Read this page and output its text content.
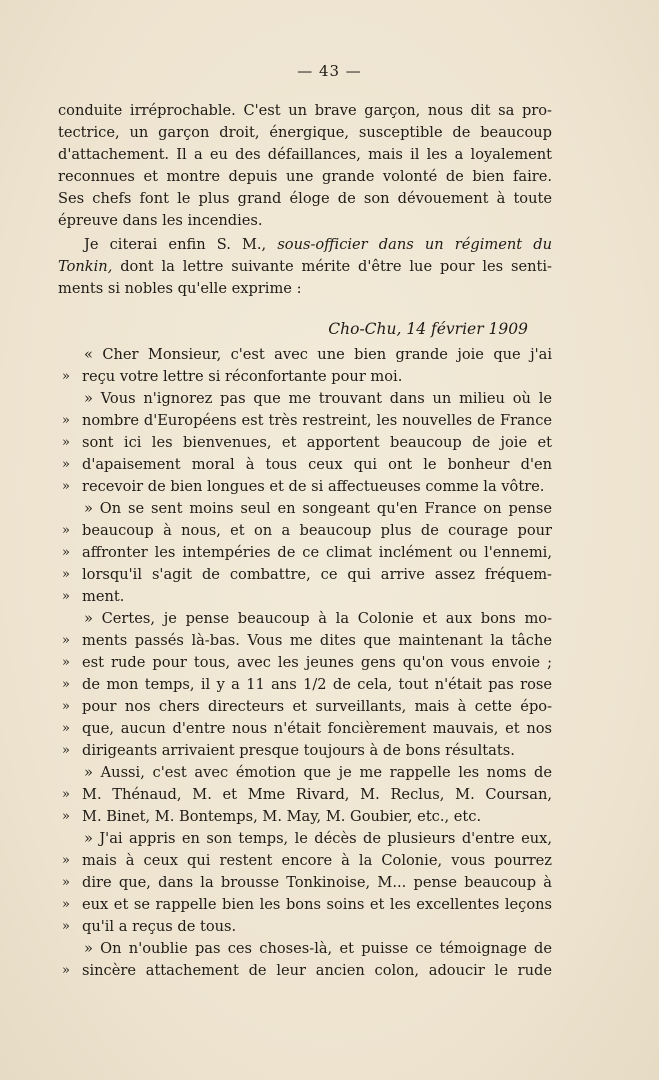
— 43 —
conduite irréprochable. C'est un brave garçon, nous dit sa pro-
tectrice, un garçon droit, énergique, susceptible de beaucoup
d'attachement. Il a eu des défaillances, mais il les a loyalement
reconnues et montre depuis une grande volonté de bien faire.
Ses chefs font le plus grand éloge de son dévouement à toute
épreuve dans les incendies.
Je citerai enfin S. M., sous-officier dans un régiment du
Tonkin, dont la lettre suivante mérite d'être lue pour les senti-
ments si nobles qu'elle exprime :
Cho-Chu, 14 février 1909
« Cher Monsieur, c'est avec une bien grande joie que j'ai
» reçu votre lettre si réconfortante pour moi.
» Vous n'ignorez pas que me trouvant dans un milieu où le
» nombre d'Européens est très restreint, les nouvelles de France
» sont ici les bienvenues, et apportent beaucoup de joie et
» d'apaisement moral à tous ceux qui ont le bonheur d'en
» recevoir de bien longues et de si affectueuses comme la vôtre.
» On se sent moins seul en songeant qu'en France on pense
» beaucoup à nous, et on a beaucoup plus de courage pour
» affronter les intempéries de ce climat inclément ou l'ennemi,
» lorsqu'il s'agit de combattre, ce qui arrive assez fréquem-
» ment.
» Certes, je pense beaucoup à la Colonie et aux bons mo-
» ments passés là-bas. Vous me dites que maintenant la tâche
» est rude pour tous, avec les jeunes gens qu'on vous envoie ;
» de mon temps, il y a 11 ans 1/2 de cela, tout n'était pas rose
» pour nos chers directeurs et surveillants, mais à cette épo-
» que, aucun d'entre nous n'était foncièrement mauvais, et nos
» dirigeants arrivaient presque toujours à de bons résultats.
» Aussi, c'est avec émotion que je me rappelle les noms de
» M. Thénaud, M. et Mme Rivard, M. Reclus, M. Coursan,
» M. Binet, M. Bontemps, M. May, M. Goubier, etc., etc.
» J'ai appris en son temps, le décès de plusieurs d'entre eux,
» mais à ceux qui restent encore à la Colonie, vous pourrez
» dire que, dans la brousse Tonkinoise, M... pense beaucoup à
» eux et se rappelle bien les bons soins et les excellentes leçons
» qu'il a reçus de tous.
» On n'oublie pas ces choses-là, et puisse ce témoignage de
» sincère attachement de leur ancien colon, adoucir le rude
